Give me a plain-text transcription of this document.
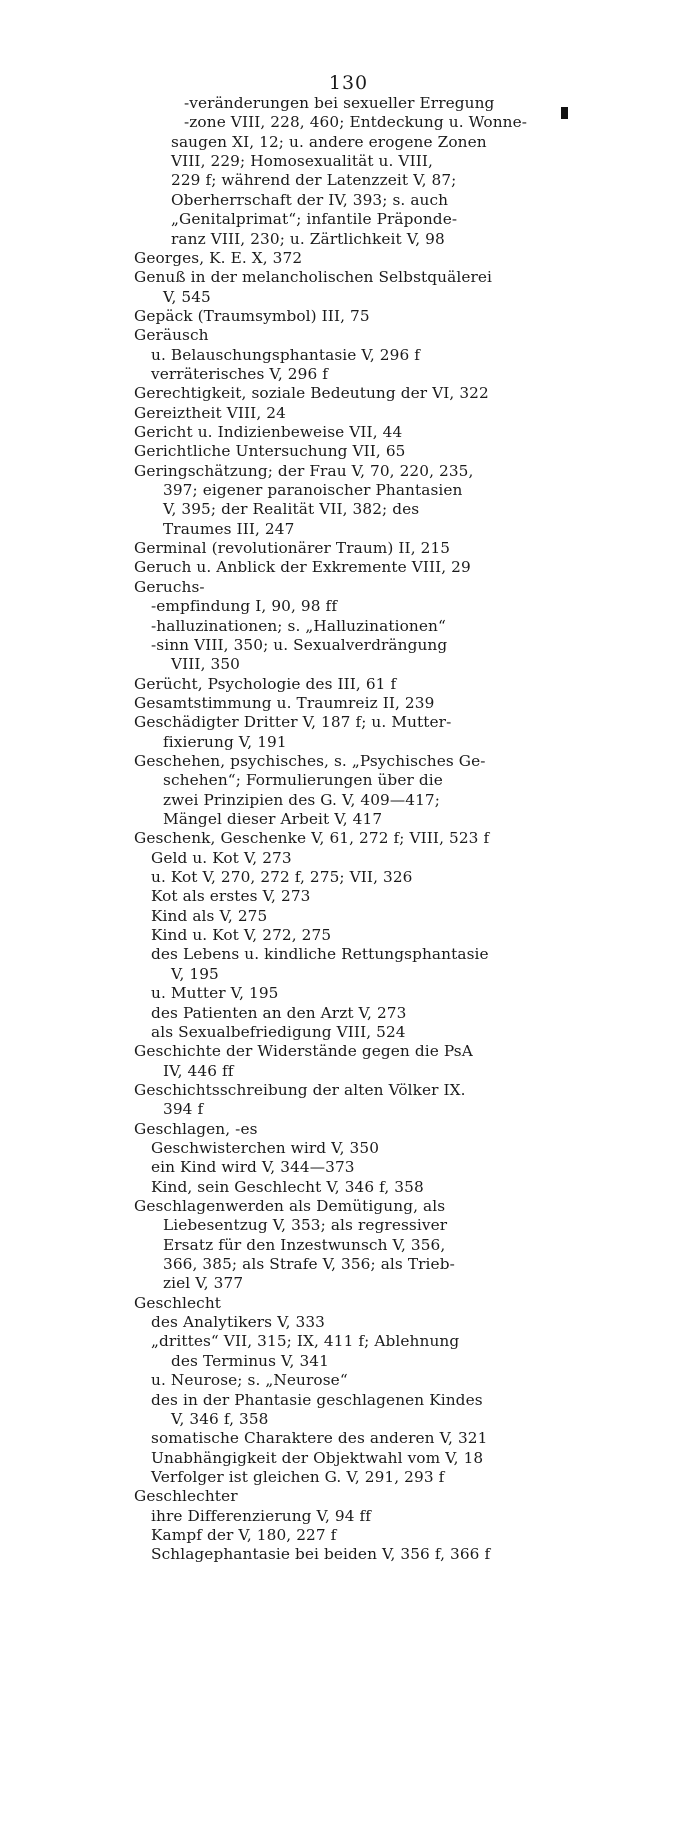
130
-veränderungen bei sexueller Erregung
-zone VIII, 228, 460; Entdeckung u. Wonne-
saugen XI, 12; u. andere erogene Zonen
VIII, 229; Homosexualität u. VIII,
229 f; während der Latenzzeit V, 87;
Oberherrschaft der IV, 393; s. auch
„Genitalprimat“; infantile Präponde-
ranz VIII, 230; u. Zärtlichkeit V, 98
Georges, K. E. X, 372
Genuß in der melancholischen Selbstquälerei
V, 545
Gepäck (Traumsymbol) III, 75
Geräusch
u. Belauschungsphantasie V, 296 f
verräterisches V, 296 f
Gerechtigkeit, soziale Bedeutung der VI, 322
Gereiztheit VIII, 24
Gericht u. Indizienbeweise VII, 44
Gerichtliche Untersuchung VII, 65
Geringschätzung; der Frau V, 70, 220, 235,
397; eigener paranoischer Phantasien
V, 395; der Realität VII, 382; des
Traumes III, 247
Germinal (revolutionärer Traum) II, 215
Geruch u. Anblick der Exkremente VIII, 29
Geruchs-
-empfindung I, 90, 98 ff
-halluzinationen; s. „Halluzinationen“
-sinn VIII, 350; u. Sexualverdrängung
VIII, 350
Gerücht, Psychologie des III, 61 f
Gesamtstimmung u. Traumreiz II, 239
Geschädigter Dritter V, 187 f; u. Mutter-
fixierung V, 191
Geschehen, psychisches, s. „Psychisches Ge-
schehen“; Formulierungen über die
zwei Prinzipien des G. V, 409—417;
Mängel dieser Arbeit V, 417
Geschenk, Geschenke V, 61, 272 f; VIII, 523 f
Geld u. Kot V, 273
u. Kot V, 270, 272 f, 275; VII, 326
Kot als erstes V, 273
Kind als V, 275
Kind u. Kot V, 272, 275
des Lebens u. kindliche Rettungsphantasie
V, 195
u. Mutter V, 195
des Patienten an den Arzt V, 273
als Sexualbefriedigung VIII, 524
Geschichte der Widerstände gegen die PsA
IV, 446 ff
Geschichtsschreibung der alten Völker IX.
394 f
Geschlagen, -es
Geschwisterchen wird V, 350
ein Kind wird V, 344—373
Kind, sein Geschlecht V, 346 f, 358
Geschlagenwerden als Demütigung, als
Liebesentzug V, 353; als regressiver
Ersatz für den Inzestwunsch V, 356,
366, 385; als Strafe V, 356; als Trieb-
ziel V, 377
Geschlecht
des Analytikers V, 333
„drittes“ VII, 315; IX, 411 f; Ablehnung
des Terminus V, 341
u. Neurose; s. „Neurose“
des in der Phantasie geschlagenen Kindes
V, 346 f, 358
somatische Charaktere des anderen V, 321
Unabhängigkeit der Objektwahl vom V, 18
Verfolger ist gleichen G. V, 291, 293 f
Geschlechter
ihre Differenzierung V, 94 ff
Kampf der V, 180, 227 f
Schlagephantasie bei beiden V, 356 f, 366 f
